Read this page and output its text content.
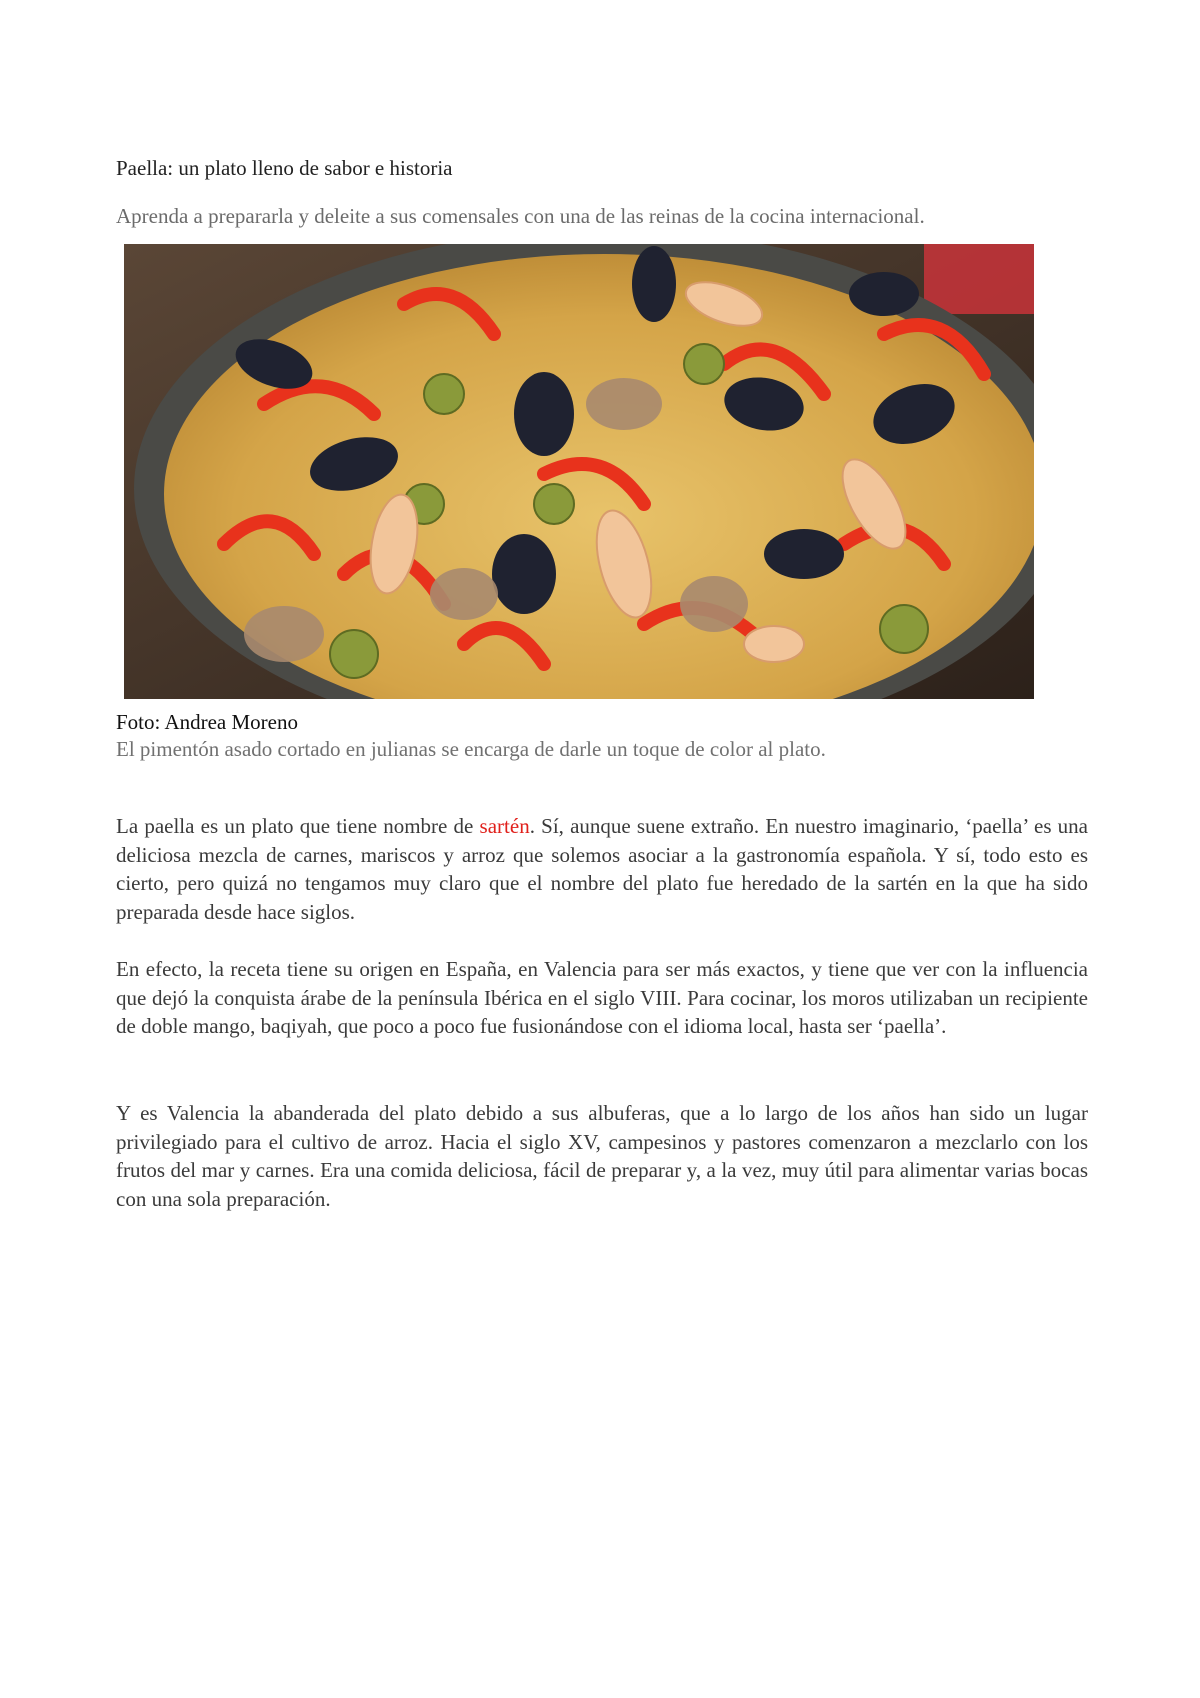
Paella: un plato lleno de sabor e historia

Aprenda a prepararla y deleite a sus comensales con una de las reinas de la cocina internacional.

Foto: Andrea Moreno

El pimentón asado cortado en julianas se encarga de darle un toque de color al plato.

La paella es un plato que tiene nombre de sartén. Sí, aunque suene extraño. En nuestro imaginario, ‘paella’ es una deliciosa mezcla de carnes, mariscos y arroz que solemos asociar a la gastronomía española. Y sí, todo esto es cierto, pero quizá no tengamos muy claro que el nombre del plato fue heredado de la sartén en la que ha sido preparada desde hace siglos.

En efecto, la receta tiene su origen en España, en Valencia para ser más exactos, y tiene que ver con la influencia que dejó la conquista árabe de la península Ibérica en el siglo VIII. Para cocinar, los moros utilizaban un recipiente de doble mango, baqiyah, que poco a poco fue fusionándose con el idioma local, hasta ser ‘paella’.

Y es Valencia la abanderada del plato debido a sus albuferas, que a lo largo de los años han sido un lugar privilegiado para el cultivo de arroz. Hacia el siglo XV, campesinos y pastores comenzaron a mezclarlo con los frutos del mar y carnes. Era una comida deliciosa, fácil de preparar y, a la vez, muy útil para alimentar varias bocas con una sola preparación.
